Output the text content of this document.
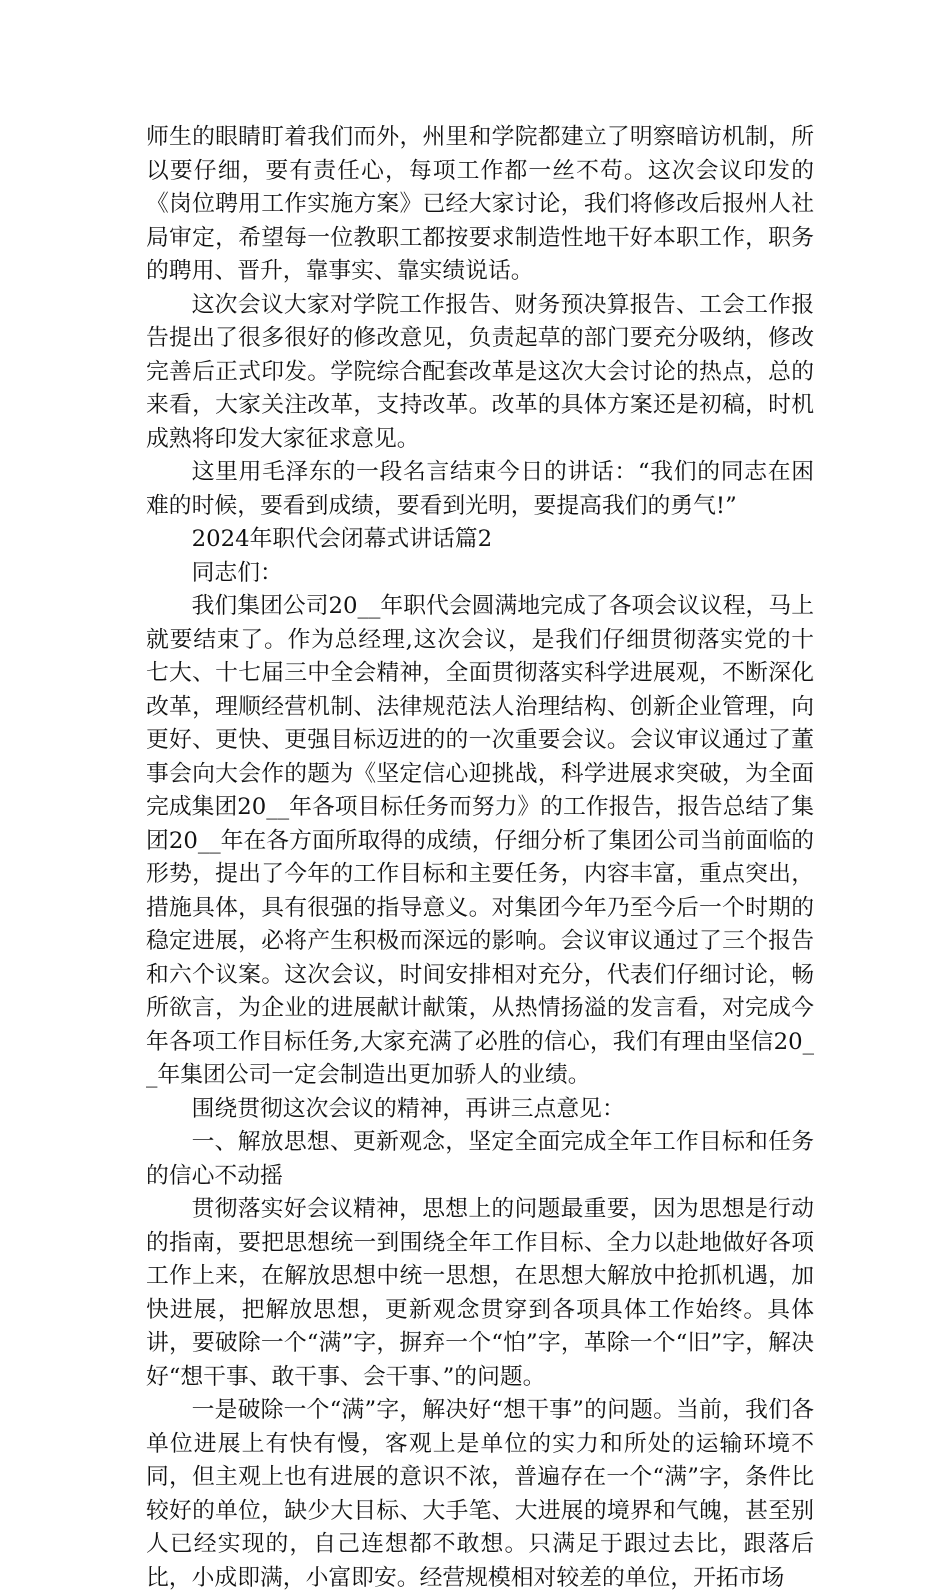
师生的眼睛盯着我们而外，州里和学院都建立了明察暗访机制，所以要仔细，要有责任心，每项工作都一丝不苟。这次会议印发的《岗位聘用工作实施方案》已经大家讨论，我们将修改后报州人社局审定，希望每一位教职工都按要求制造性地干好本职工作，职务的聘用、晋升，靠事实、靠实绩说话。

这次会议大家对学院工作报告、财务预决算报告、工会工作报告提出了很多很好的修改意见，负责起草的部门要充分吸纳，修改完善后正式印发。学院综合配套改革是这次大会讨论的热点，总的来看，大家关注改革，支持改革。改革的具体方案还是初稿，时机成熟将印发大家征求意见。

这里用毛泽东的一段名言结束今日的讲话：“我们的同志在困难的时候，要看到成绩，要看到光明，要提高我们的勇气!”

2024年职代会闭幕式讲话篇2

同志们：

我们集团公司20__年职代会圆满地完成了各项会议议程，马上就要结束了。作为总经理,这次会议，是我们仔细贯彻落实党的十七大、十七届三中全会精神，全面贯彻落实科学进展观，不断深化改革，理顺经营机制、法律规范法人治理结构、创新企业管理，向更好、更快、更强目标迈进的的一次重要会议。会议审议通过了董事会向大会作的题为《坚定信心迎挑战，科学进展求突破，为全面完成集团20__年各项目标任务而努力》的工作报告，报告总结了集团20__年在各方面所取得的成绩，仔细分析了集团公司当前面临的形势，提出了今年的工作目标和主要任务，内容丰富，重点突出，措施具体，具有很强的指导意义。对集团今年乃至今后一个时期的稳定进展，必将产生积极而深远的影响。会议审议通过了三个报告和六个议案。这次会议，时间安排相对充分，代表们仔细讨论，畅所欲言，为企业的进展献计献策，从热情扬溢的发言看，对完成今年各项工作目标任务,大家充满了必胜的信心，我们有理由坚信20__年集团公司一定会制造出更加骄人的业绩。

围绕贯彻这次会议的精神，再讲三点意见：

一、解放思想、更新观念，坚定全面完成全年工作目标和任务的信心不动摇

贯彻落实好会议精神，思想上的问题最重要，因为思想是行动的指南，要把思想统一到围绕全年工作目标、全力以赴地做好各项工作上来，在解放思想中统一思想，在思想大解放中抢抓机遇，加快进展，把解放思想，更新观念贯穿到各项具体工作始终。具体讲，要破除一个“满”字，摒弃一个“怕”字，革除一个“旧”字，解决好“想干事、敢干事、会干事、”的问题。

一是破除一个“满”字，解决好“想干事”的问题。当前，我们各单位进展上有快有慢，客观上是单位的实力和所处的运输环境不同，但主观上也有进展的意识不浓，普遍存在一个“满”字，条件比较好的单位，缺少大目标、大手笔、大进展的境界和气魄，甚至别人已经实现的，自己连想都不敢想。只满足于跟过去比，跟落后比，小成即满，小富即安。经营规模相对较差的单位，开拓市场
